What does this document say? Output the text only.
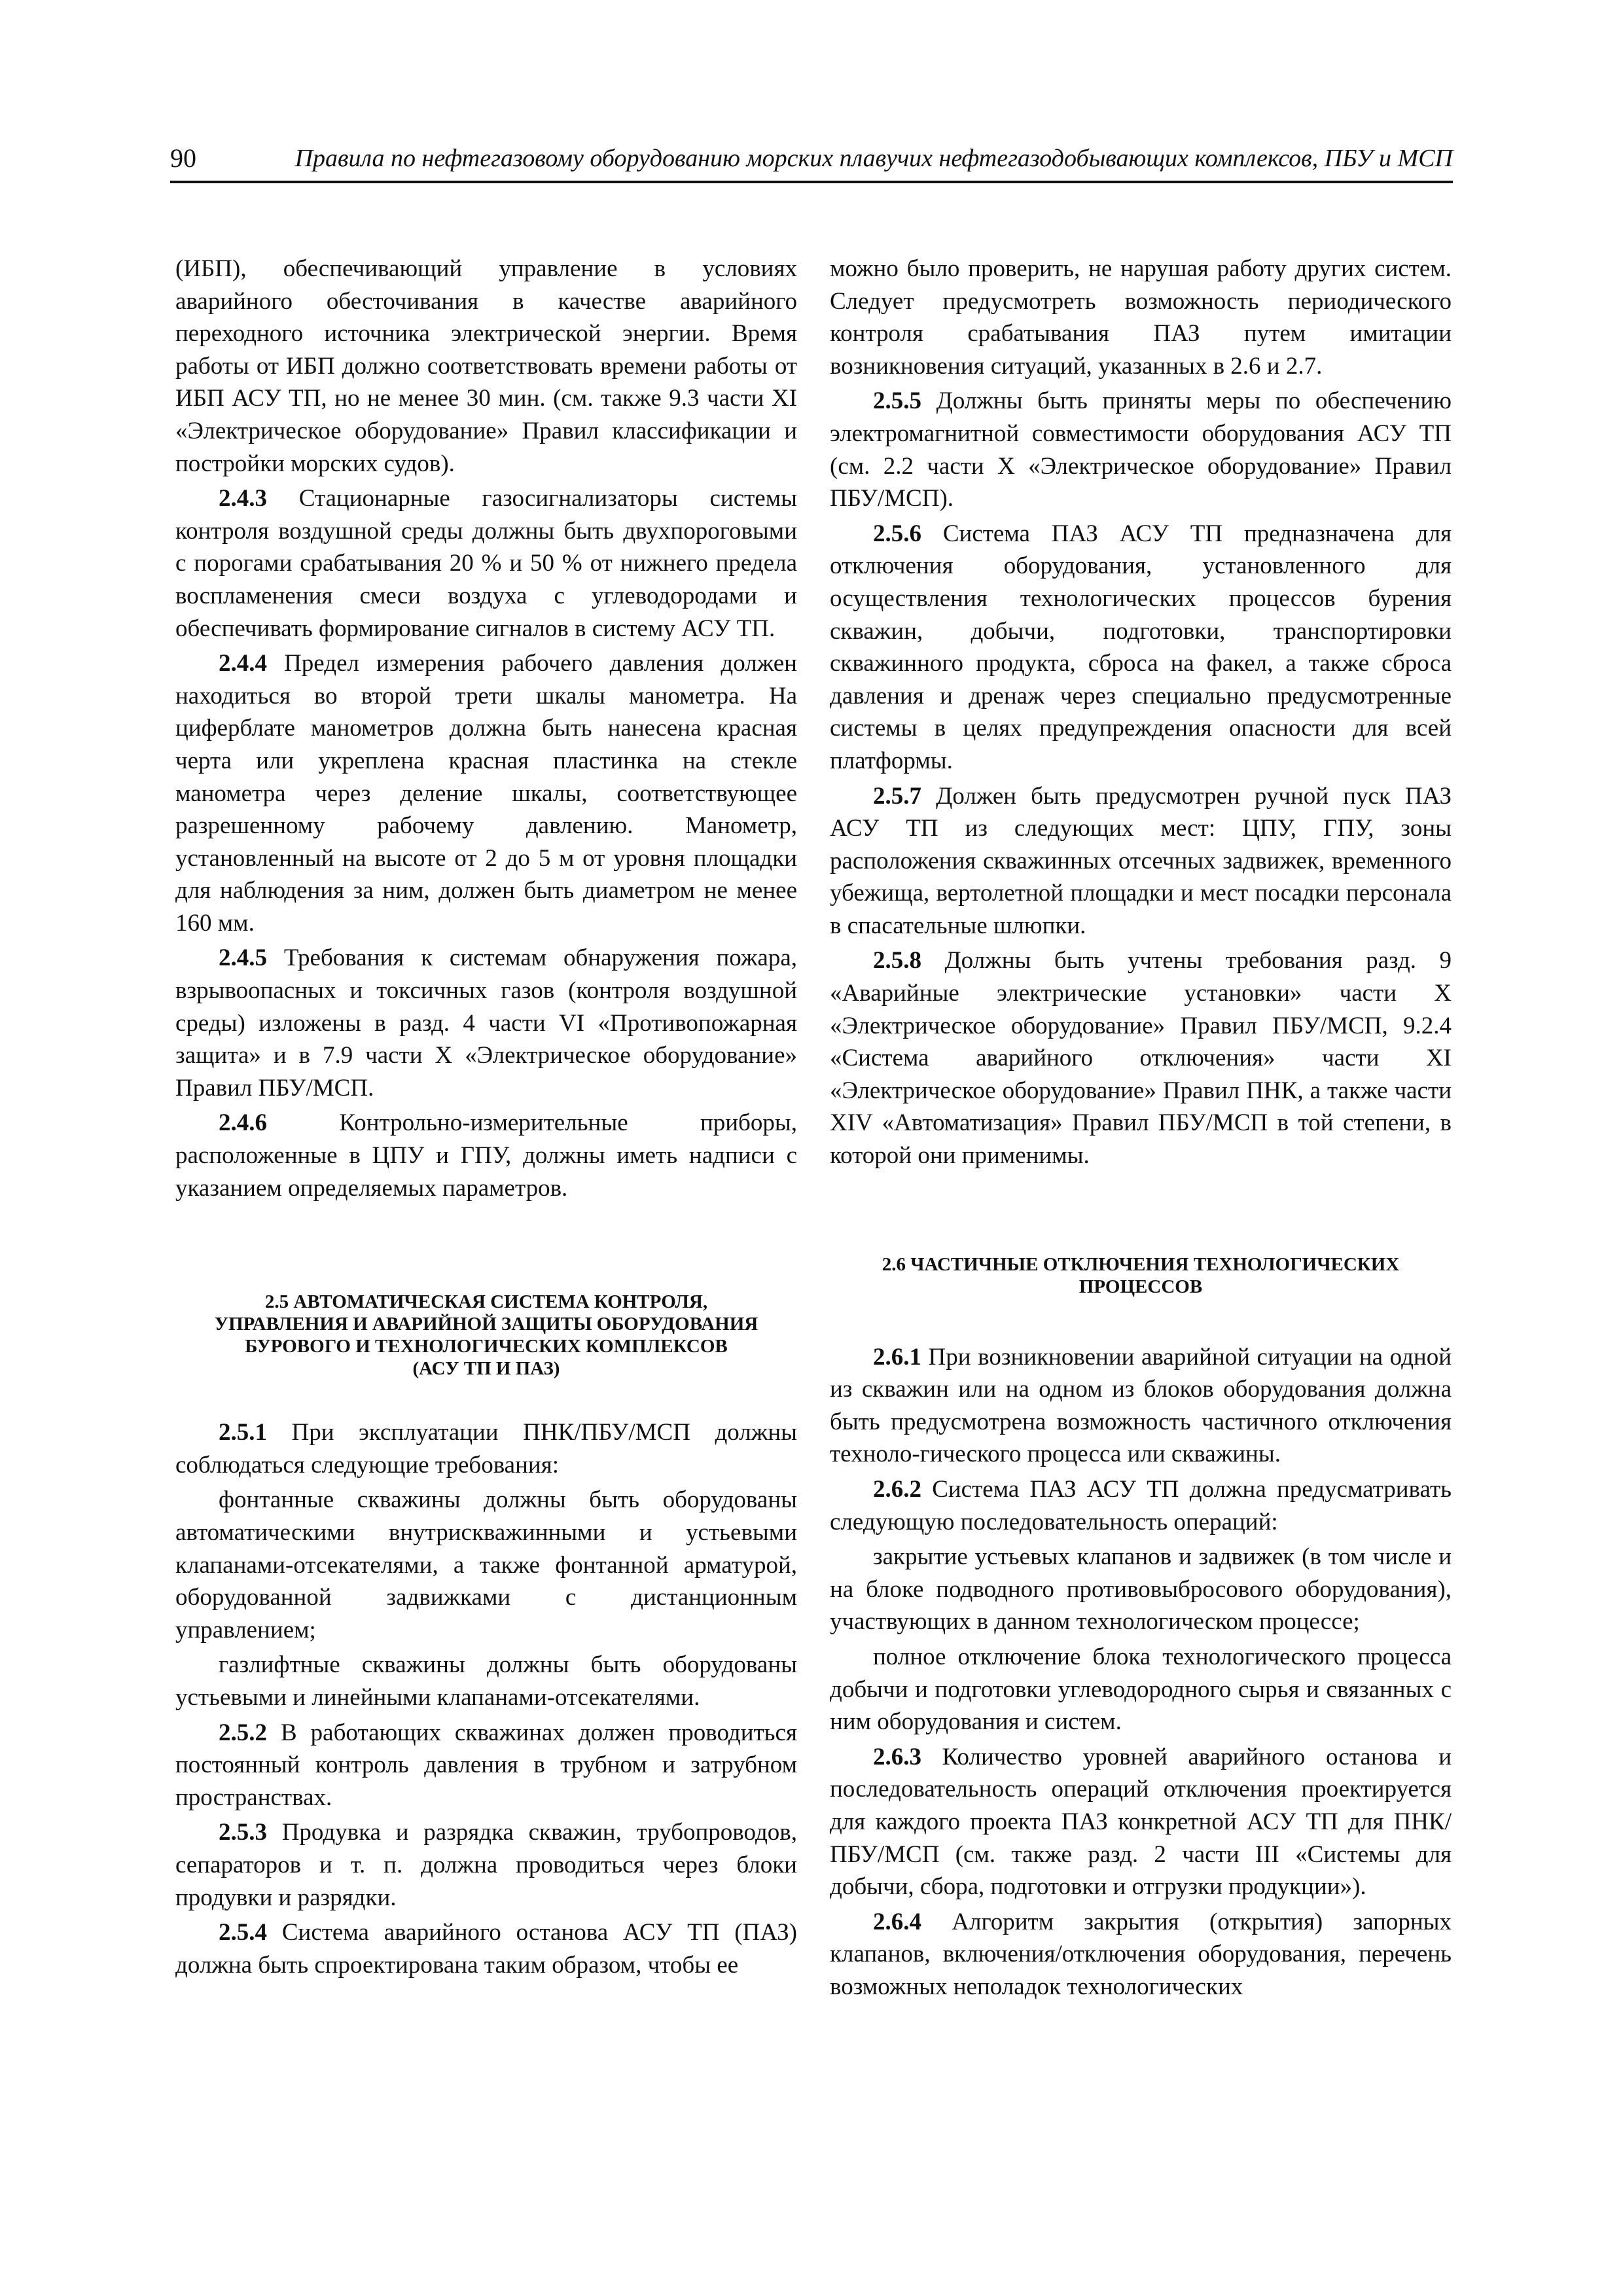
90	Правила по нефтегазовому оборудованию морских плавучих нефтегазодобывающих комплексов, ПБУ и МСП

(ИБП), обеспечивающий управление в условиях аварийного обесточивания в качестве аварийного переходного источника электрической энергии. Время работы от ИБП должно соответствовать времени работы от ИБП АСУ ТП, но не менее 30 мин. (см. также 9.3 части XI «Электрическое оборудование» Правил классификации и постройки морских судов).

2.4.3 Стационарные газосигнализаторы системы контроля воздушной среды должны быть двухпороговыми с порогами срабатывания 20 % и 50 % от нижнего предела воспламенения смеси воздуха с углеводородами и обеспечивать формирование сигналов в систему АСУ ТП.

2.4.4 Предел измерения рабочего давления должен находиться во второй трети шкалы манометра. На циферблате манометров должна быть нанесена красная черта или укреплена красная пластинка на стекле манометра через деление шкалы, соответствующее разрешенному рабочему давлению. Манометр, установленный на высоте от 2 до 5 м от уровня площадки для наблюдения за ним, должен быть диаметром не менее 160 мм.

2.4.5 Требования к системам обнаружения пожара, взрывоопасных и токсичных газов (контроля воздушной среды) изложены в разд. 4 части VI «Противопожарная защита» и в 7.9 части X «Электрическое оборудование» Правил ПБУ/МСП.

2.4.6 Контрольно-измерительные приборы, расположенные в ЦПУ и ГПУ, должны иметь надписи с указанием определяемых параметров.

2.5 АВТОМАТИЧЕСКАЯ СИСТЕМА КОНТРОЛЯ,
УПРАВЛЕНИЯ И АВАРИЙНОЙ ЗАЩИТЫ ОБОРУДОВАНИЯ
БУРОВОГО И ТЕХНОЛОГИЧЕСКИХ КОМПЛЕКСОВ
(АСУ ТП И ПАЗ)

2.5.1 При эксплуатации ПНК/ПБУ/МСП должны соблюдаться следующие требования:

фонтанные скважины должны быть оборудованы автоматическими внутрискважинными и устьевыми клапанами-отсекателями, а также фонтанной арматурой, оборудованной задвижками с дистанционным управлением;

газлифтные скважины должны быть оборудованы устьевыми и линейными клапанами-отсекателями.

2.5.2 В работающих скважинах должен проводиться постоянный контроль давления в трубном и затрубном пространствах.

2.5.3 Продувка и разрядка скважин, трубопроводов, сепараторов и т. п. должна проводиться через блоки продувки и разрядки.

2.5.4 Система аварийного останова АСУ ТП (ПАЗ) должна быть спроектирована таким образом, чтобы ее

можно было проверить, не нарушая работу других систем. Следует предусмотреть возможность периодического контроля срабатывания ПАЗ путем имитации возникновения ситуаций, указанных в 2.6 и 2.7.

2.5.5 Должны быть приняты меры по обеспечению электромагнитной совместимости оборудования АСУ ТП (см. 2.2 части X «Электрическое оборудование» Правил ПБУ/МСП).

2.5.6 Система ПАЗ АСУ ТП предназначена для отключения оборудования, установленного для осуществления технологических процессов бурения скважин, добычи, подготовки, транспортировки скважинного продукта, сброса на факел, а также сброса давления и дренаж через специально предусмотренные системы в целях предупреждения опасности для всей платформы.

2.5.7 Должен быть предусмотрен ручной пуск ПАЗ АСУ ТП из следующих мест: ЦПУ, ГПУ, зоны расположения скважинных отсечных задвижек, временного убежища, вертолетной площадки и мест посадки персонала в спасательные шлюпки.

2.5.8 Должны быть учтены требования разд. 9 «Аварийные электрические установки» части X «Электрическое оборудование» Правил ПБУ/МСП, 9.2.4 «Система аварийного отключения» части XI «Электрическое оборудование» Правил ПНК, а также части XIV «Автоматизация» Правил ПБУ/МСП в той степени, в которой они применимы.

2.6 ЧАСТИЧНЫЕ ОТКЛЮЧЕНИЯ ТЕХНОЛОГИЧЕСКИХ
ПРОЦЕССОВ

2.6.1 При возникновении аварийной ситуации на одной из скважин или на одном из блоков оборудования должна быть предусмотрена возможность частичного отключения техноло-гического процесса или скважины.

2.6.2 Система ПАЗ АСУ ТП должна предусматривать следующую последовательность операций:

закрытие устьевых клапанов и задвижек (в том числе и на блоке подводного противовыбросового оборудования), участвующих в данном технологическом процессе;

полное отключение блока технологического процесса добычи и подготовки углеводородного сырья и связанных с ним оборудования и систем.

2.6.3 Количество уровней аварийного останова и последовательность операций отключения проектируется для каждого проекта ПАЗ конкретной АСУ ТП для ПНК/ПБУ/МСП (см. также разд. 2 части III «Системы для добычи, сбора, подготовки и отгрузки продукции»).

2.6.4 Алгоритм закрытия (открытия) запорных клапанов, включения/отключения оборудования, перечень возможных неполадок технологических
